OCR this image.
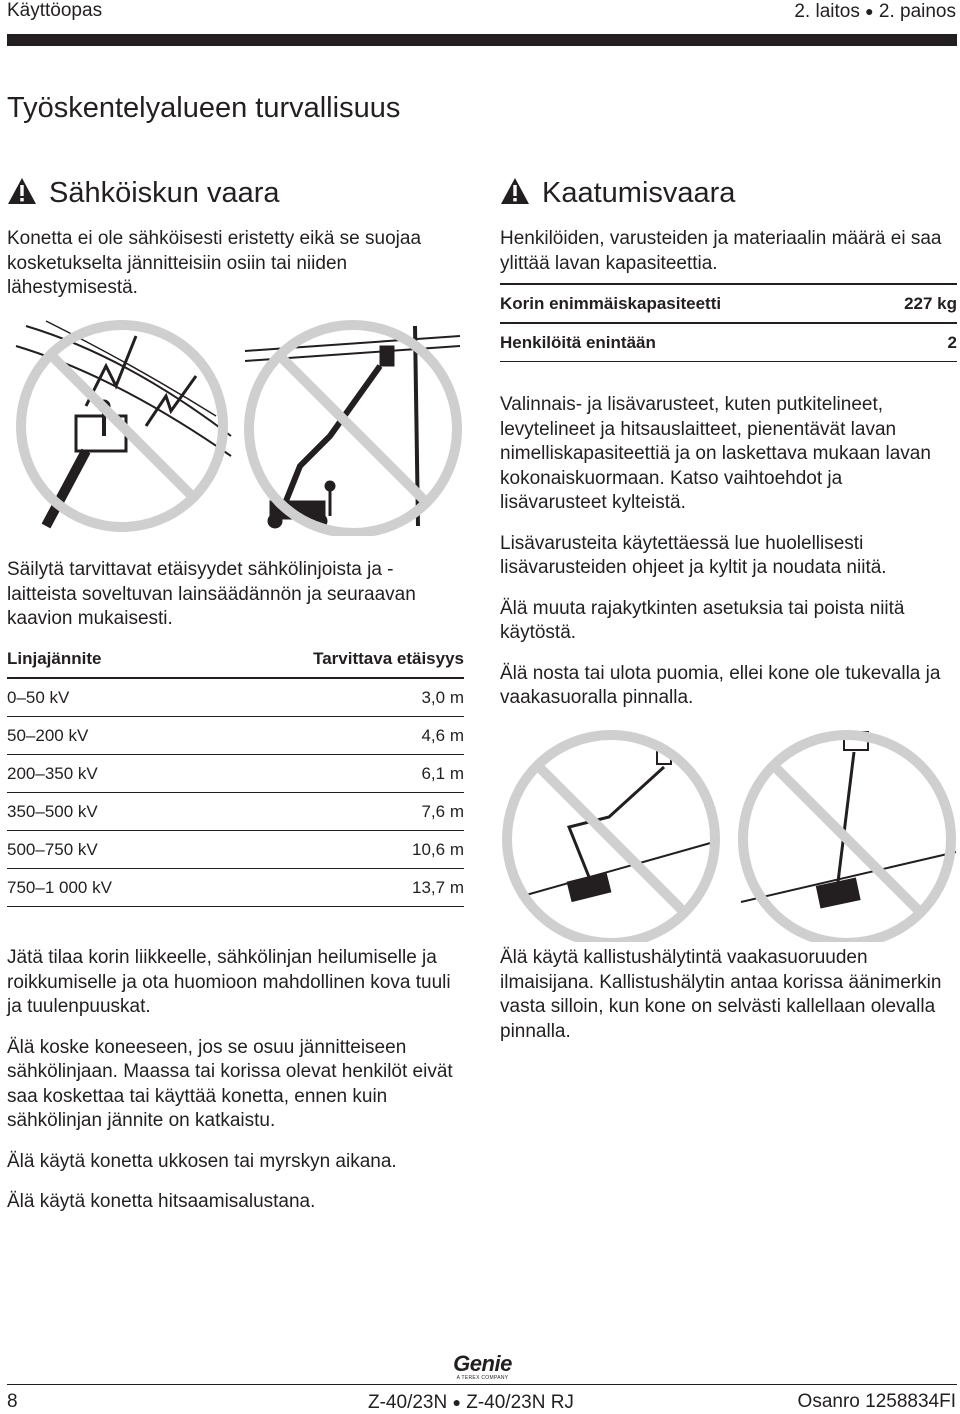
Käyttöopas	2. laitos ● 2. painos
Työskentelyalueen turvallisuus
Sähköiskun vaara
Konetta ei ole sähköisesti eristetty eikä se suojaa kosketukselta jännitteisiin osiin tai niiden lähestymisestä.
Säilytä tarvittavat etäisyydet sähkölinjoista ja -laitteista soveltuvan lainsäädännön ja seuraavan kaavion mukaisesti.
Linjajännite	Tarvittava etäisyys
0–50 kV	3,0 m
50–200 kV	4,6 m
200–350 kV	6,1 m
350–500 kV	7,6 m
500–750 kV	10,6 m
750–1 000 kV	13,7 m

Jätä tilaa korin liikkeelle, sähkölinjan heilumiselle ja roikkumiselle ja ota huomioon mahdollinen kova tuuli ja tuulenpuuskat.

Älä koske koneeseen, jos se osuu jännitteiseen sähkölinjaan. Maassa tai korissa olevat henkilöt eivät saa koskettaa tai käyttää konetta, ennen kuin sähkölinjan jännite on katkaistu.

Älä käytä konetta ukkosen tai myrskyn aikana.

Älä käytä konetta hitsaamisalustana.

Kaatumisvaara
Henkilöiden, varusteiden ja materiaalin määrä ei saa ylittää lavan kapasiteettia.
Korin enimmäiskapasiteetti	227 kg
Henkilöitä enintään	2

Valinnais- ja lisävarusteet, kuten putkitelineet, levytelineet ja hitsauslaitteet, pienentävät lavan nimelliskapasiteettiä ja on laskettava mukaan lavan kokonaiskuormaan. Katso vaihtoehdot ja lisävarusteet kylteistä.

Lisävarusteita käytettäessä lue huolellisesti lisävarusteiden ohjeet ja kyltit ja noudata niitä.

Älä muuta rajakytkinten asetuksia tai poista niitä käytöstä.

Älä nosta tai ulota puomia, ellei kone ole tukevalla ja vaakasuoralla pinnalla.

Älä käytä kallistushälytintä vaakasuoruuden ilmaisijana. Kallistushälytin antaa korissa äänimerkin vasta silloin, kun kone on selvästi kallellaan olevalla pinnalla.
Genie
A TEREX COMPANY
8	Z-40/23N ● Z-40/23N RJ	Osanro 1258834FI
